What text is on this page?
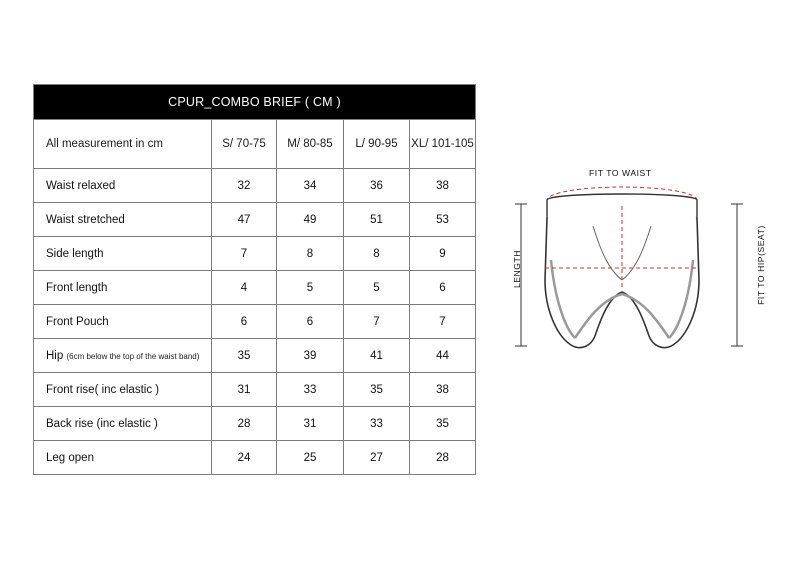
CPUR_COMBO BRIEF ( CM )				
All measurement in cm	S/ 70-75	M/ 80-85	L/ 90-95	XL/ 101-105
Waist relaxed	32	34	36	38
Waist stretched	47	49	51	53
Side length	7	8	8	9
Front length	4	5	5	6
Front Pouch	6	6	7	7
Hip (6cm below the top of the waist band)	35	39	41	44
Front rise( inc elastic )	31	33	35	38
Back rise (inc elastic )	28	31	33	35
Leg open	24	25	27	28
FIT TO WAIST
LENGTH	FIT TO HIP(SEAT)
